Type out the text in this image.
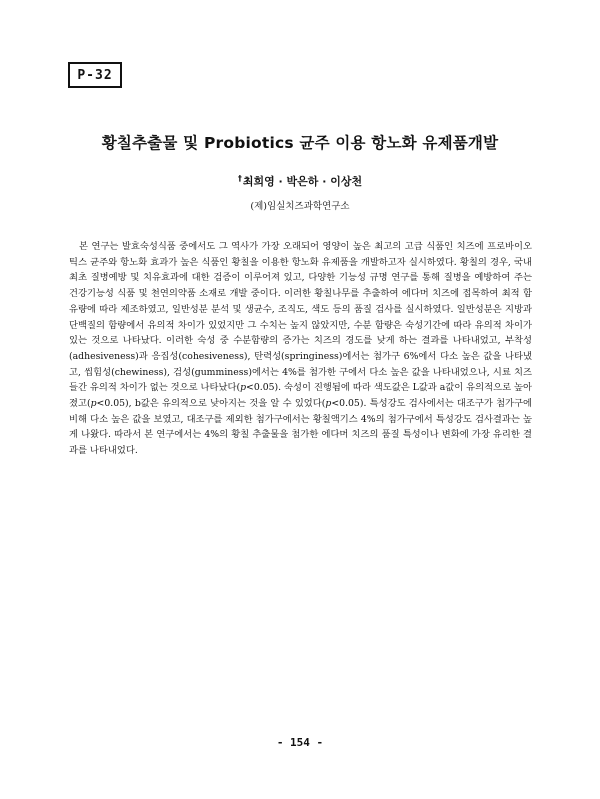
P-32
황칠추출물 및 Probiotics 균주 이용 항노화 유제품개발
†최희영 · 박은하 · 이상천
(제)임실치즈과학연구소

본 연구는 발효숙성식품 중에서도 그 역사가 가장 오래되어 영양이 높은 최고의 고급 식품인 치즈에 프로바이오틱스 균주와 항노화 효과가 높은 식품인 황칠을 이용한 항노화 유제품을 개발하고자 실시하였다. 황칠의 경우, 국내 최초 질병예방 및 치유효과에 대한 검증이 이루어져 있고, 다양한 기능성 규명 연구를 통해 질병을 예방하여 주는 건강기능성 식품 및 천연의약품 소재로 개발 중이다. 이러한 황칠나무를 추출하여 에다머 치즈에 접목하여 최적 함유량에 따라 제조하였고, 일반성분 분석 및 생균수, 조직도, 색도 등의 품질 검사를 실시하였다. 일반성분은 지방과 단백질의 함량에서 유의적 차이가 있었지만 그 수치는 높지 않았지만, 수분 함량은 숙성기간에 따라 유의적 차이가 있는 것으로 나타났다. 이러한 숙성 중 수분함량의 증가는 치즈의 경도를 낮게 하는 결과를 나타내었고, 부착성(adhesiveness)과 응집성(cohesiveness), 탄력성(springiness)에서는 첨가구 6%에서 다소 높은 값을 나타냈고, 씹힘성(chewiness), 검성(gumminess)에서는 4%를 첨가한 구에서 다소 높은 값을 나타내었으나, 시료 치즈들간 유의적 차이가 없는 것으로 나타났다(p<0.05). 숙성이 진행됨에 따라 색도값은 L값과 a값이 유의적으로 높아졌고(p<0.05), b값은 유의적으로 낮아지는 것을 알 수 있었다(p<0.05). 특성강도 검사에서는 대조구가 첨가구에 비해 다소 높은 값을 보였고, 대조구를 제외한 첨가구에서는 황칠액기스 4%의 첨가구에서 특성강도 검사결과는 높게 나왔다. 따라서 본 연구에서는 4%의 황칠 추출물을 첨가한 에다머 치즈의 품질 특성이나 변화에 가장 유리한 결과를 나타내었다.

- 154 -
